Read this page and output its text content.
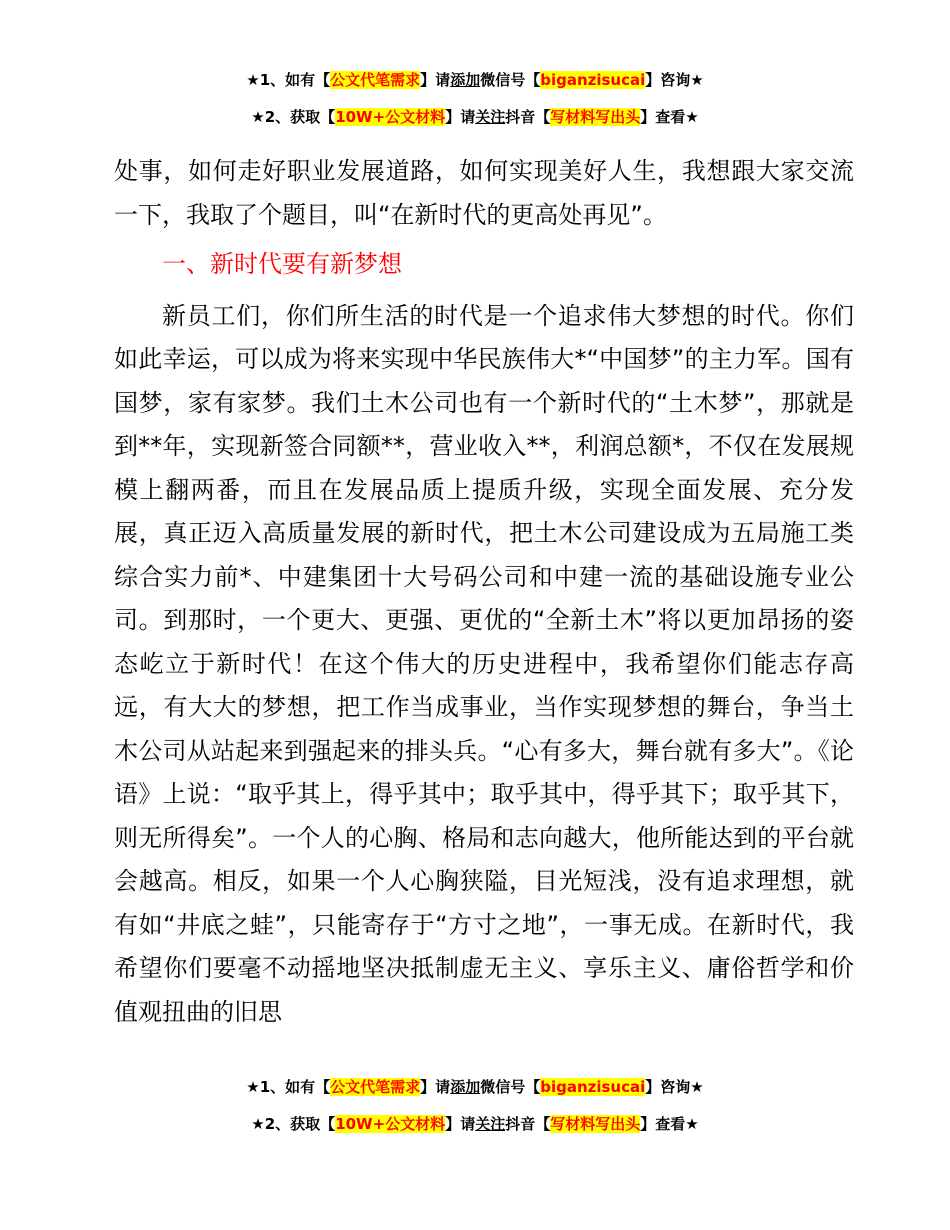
★1、如有【公文代笔需求】请添加微信号【biganzisucai】咨询★
★2、获取【10W+公文材料】请关注抖音【写材料写出头】查看★

处事，如何走好职业发展道路，如何实现美好人生，我想跟大家交流一下，我取了个题目，叫“在新时代的更高处再见”。

一、新时代要有新梦想

新员工们，你们所生活的时代是一个追求伟大梦想的时代。你们如此幸运，可以成为将来实现中华民族伟大*“中国梦”的主力军。国有国梦，家有家梦。我们土木公司也有一个新时代的“土木梦”，那就是到**年，实现新签合同额**，营业收入**，利润总额*，不仅在发展规模上翻两番，而且在发展品质上提质升级，实现全面发展、充分发展，真正迈入高质量发展的新时代，把土木公司建设成为五局施工类综合实力前*、中建集团十大号码公司和中建一流的基础设施专业公司。到那时，一个更大、更强、更优的“全新土木”将以更加昂扬的姿态屹立于新时代！在这个伟大的历史进程中，我希望你们能志存高远，有大大的梦想，把工作当成事业，当作实现梦想的舞台，争当土木公司从站起来到强起来的排头兵。“心有多大，舞台就有多大”。《论语》上说：“取乎其上，得乎其中；取乎其中，得乎其下；取乎其下，则无所得矣”。一个人的心胸、格局和志向越大，他所能达到的平台就会越高。相反，如果一个人心胸狭隘，目光短浅，没有追求理想，就有如“井底之蛙”，只能寄存于“方寸之地”，一事无成。在新时代，我希望你们要毫不动摇地坚决抵制虚无主义、享乐主义、庸俗哲学和价值观扭曲的旧思

★1、如有【公文代笔需求】请添加微信号【biganzisucai】咨询★
★2、获取【10W+公文材料】请关注抖音【写材料写出头】查看★
